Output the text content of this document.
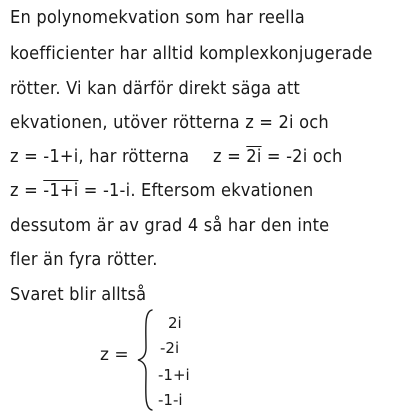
En polynomekvation som har reella
koefficienter har alltid komplexkonjugerade
rötter. Vi kan därför direkt säga att
ekvationen, utöver rötterna z = 2i och
z = -1+i, har rötterna z = 2i = -2i och
z = -1+i = -1-i. Eftersom ekvationen
dessutom är av grad 4 så har den inte
fler än fyra rötter.
Svaret blir alltså
z =
2i
-2i
-1+i
-1-i
